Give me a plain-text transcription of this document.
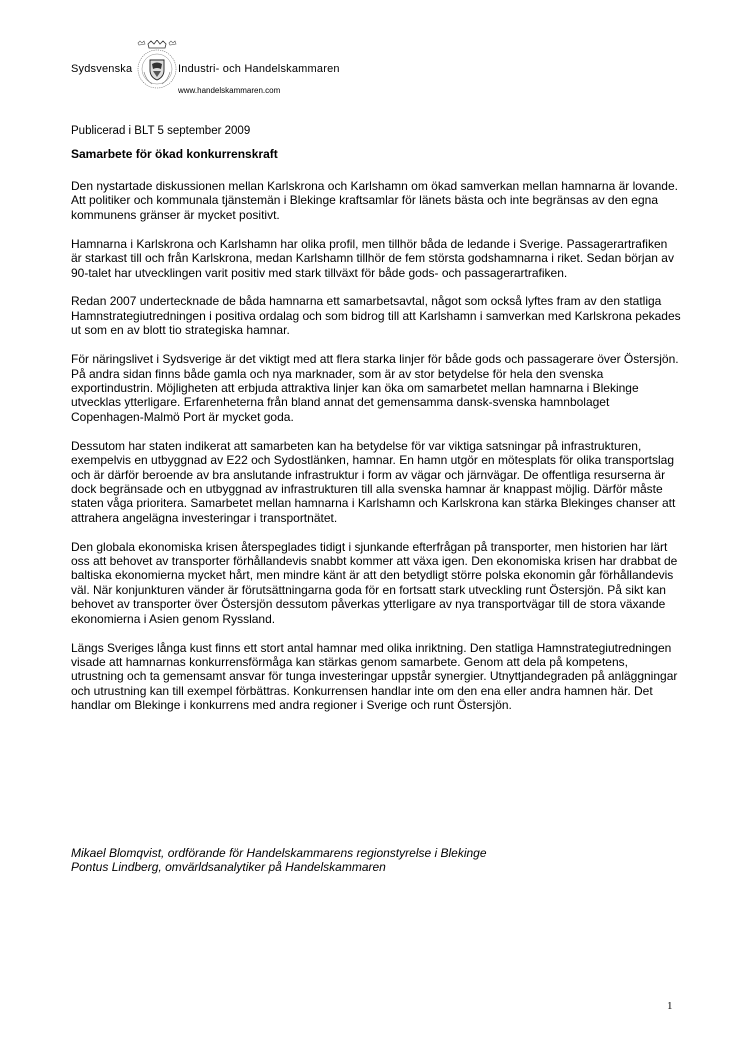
Sydsvenska	Industri- och Handelskammaren
www.handelskammaren.com
Publicerad i BLT 5 september 2009
Samarbete för ökad konkurrenskraft

Den nystartade diskussionen mellan Karlskrona och Karlshamn om ökad samverkan mellan hamnarna är lovande. Att politiker och kommunala tjänstemän i Blekinge kraftsamlar för länets bästa och inte begränsas av den egna kommunens gränser är mycket positivt.

Hamnarna i Karlskrona och Karlshamn har olika profil, men tillhör båda de ledande i Sverige. Passagerartrafiken är starkast till och från Karlskrona, medan Karlshamn tillhör de fem största godshamnarna i riket. Sedan början av 90-talet har utvecklingen varit positiv med stark tillväxt för både gods- och passagerartrafiken.

Redan 2007 undertecknade de båda hamnarna ett samarbetsavtal, något som också lyftes fram av den statliga Hamnstrategiutredningen i positiva ordalag och som bidrog till att Karlshamn i samverkan med Karlskrona pekades ut som en av blott tio strategiska hamnar.

För näringslivet i Sydsverige är det viktigt med att flera starka linjer för både gods och passagerare över Östersjön. På andra sidan finns både gamla och nya marknader, som är av stor betydelse för hela den svenska exportindustrin. Möjligheten att erbjuda attraktiva linjer kan öka om samarbetet mellan hamnarna i Blekinge utvecklas ytterligare. Erfarenheterna från bland annat det gemensamma dansk-svenska hamnbolaget Copenhagen-Malmö Port är mycket goda.

Dessutom har staten indikerat att samarbeten kan ha betydelse för var viktiga satsningar på infrastrukturen, exempelvis en utbyggnad av E22 och Sydostlänken, hamnar. En hamn utgör en mötesplats för olika transportslag och är därför beroende av bra anslutande infrastruktur i form av vägar och järnvägar. De offentliga resurserna är dock begränsade och en utbyggnad av infrastrukturen till alla svenska hamnar är knappast möjlig. Därför måste staten våga prioritera. Samarbetet mellan hamnarna i Karlshamn och Karlskrona kan stärka Blekinges chanser att attrahera angelägna investeringar i transportnätet.

Den globala ekonomiska krisen återspeglades tidigt i sjunkande efterfrågan på transporter, men historien har lärt oss att behovet av transporter förhållandevis snabbt kommer att växa igen. Den ekonomiska krisen har drabbat de baltiska ekonomierna mycket hårt, men mindre känt är att den betydligt större polska ekonomin går förhållandevis väl. När konjunkturen vänder är förutsättningarna goda för en fortsatt stark utveckling runt Östersjön. På sikt kan behovet av transporter över Östersjön dessutom påverkas ytterligare av nya transportvägar till de stora växande ekonomierna i Asien genom Ryssland.

Längs Sveriges långa kust finns ett stort antal hamnar med olika inriktning. Den statliga Hamnstrategiutredningen visade att hamnarnas konkurrensförmåga kan stärkas genom samarbete. Genom att dela på kompetens, utrustning och ta gemensamt ansvar för tunga investeringar uppstår synergier. Utnyttjandegraden på anläggningar och utrustning kan till exempel förbättras. Konkurrensen handlar inte om den ena eller andra hamnen här. Det handlar om Blekinge i konkurrens med andra regioner i Sverige och runt Östersjön.

Mikael Blomqvist, ordförande för Handelskammarens regionstyrelse i Blekinge
Pontus Lindberg, omvärldsanalytiker på Handelskammaren
1
